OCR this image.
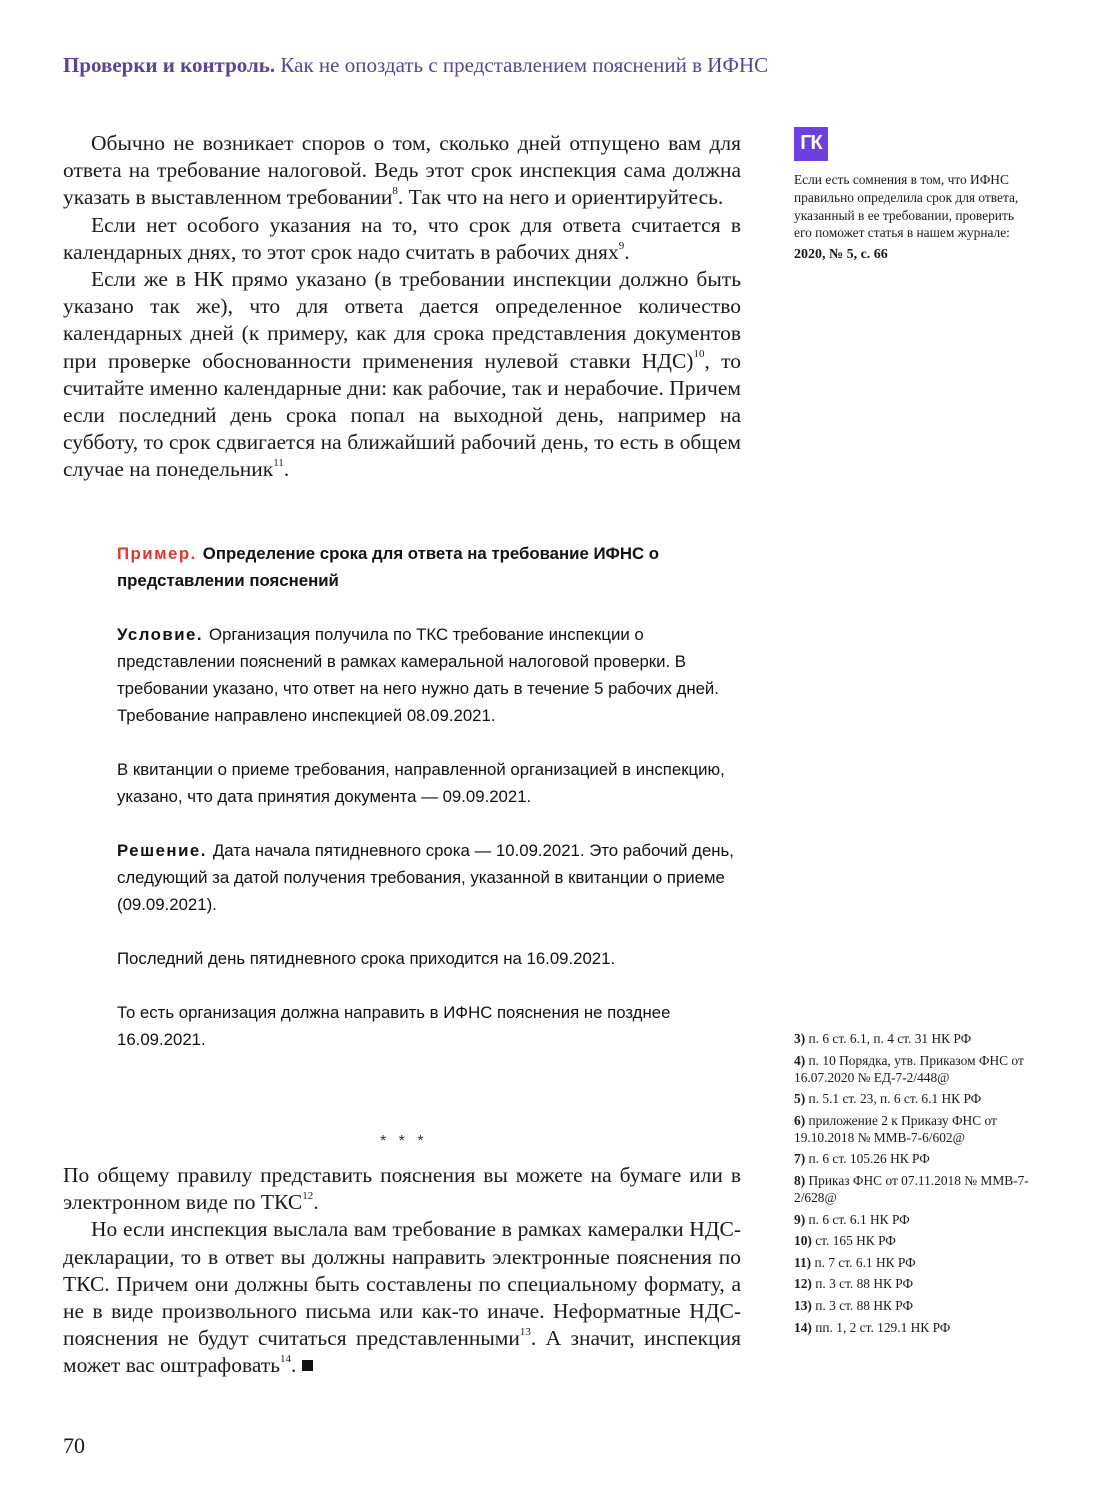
Проверки и контроль. Как не опоздать с представлением пояснений в ИФНС

Обычно не возникает споров о том, сколько дней отпущено вам для ответа на требование налоговой. Ведь этот срок инспекция сама должна указать в выставленном требовании$^8$. Так что на него и ориентируйтесь.

Если нет особого указания на то, что срок для ответа считается в календарных днях, то этот срок надо считать в рабочих днях$^9$.

Если же в НК прямо указано (в требовании инспекции должно быть указано так же), что для ответа дается определенное количество календарных дней (к примеру, как для срока представления документов при проверке обоснованности применения нулевой ставки НДС)$^{10}$, то считайте именно календарные дни: как рабочие, так и нерабочие. Причем если последний день срока попал на выходной день, например на субботу, то срок сдвигается на ближайший рабочий день, то есть в общем случае на понедельник$^{11}$.

Пример. Определение срока для ответа на требование ИФНС о представлении пояснений

Условие. Организация получила по ТКС требование инспекции о представлении пояснений в рамках камеральной налоговой проверки. В требовании указано, что ответ на него нужно дать в течение 5 рабочих дней. Требование направлено инспекцией 08.09.2021.

В квитанции о приеме требования, направленной организацией в инспекцию, указано, что дата принятия документа — 09.09.2021.

Решение. Дата начала пятидневного срока — 10.09.2021. Это рабочий день, следующий за датой получения требования, указанной в квитанции о приеме (09.09.2021).

Последний день пятидневного срока приходится на 16.09.2021.

То есть организация должна направить в ИФНС пояснения не позднее 16.09.2021.

* * *

По общему правилу представить пояснения вы можете на бумаге или в электронном виде по ТКС$^{12}$.

Но если инспекция выслала вам требование в рамках камералки НДС-декларации, то в ответ вы должны направить электронные пояснения по ТКС. Причем они должны быть составлены по специальному формату, а не в виде произвольного письма или как-то иначе. Неформатные НДС-пояснения не будут считаться представленными$^{13}$. А значит, инспекция может вас оштрафовать$^{14}$.

ГК
Если есть сомнения в том, что ИФНС правильно определила срок для ответа, указанный в ее требовании, проверить его поможет статья в нашем журнале:
2020, № 5, с. 66
3) п. 6 ст. 6.1, п. 4 ст. 31 НК РФ
4) п. 10 Порядка, утв. Приказом ФНС от 16.07.2020 № ЕД-7-2/448@
5) п. 5.1 ст. 23, п. 6 ст. 6.1 НК РФ
6) приложение 2 к Приказу ФНС от 19.10.2018 № ММВ-7-6/602@
7) п. 6 ст. 105.26 НК РФ
8) Приказ ФНС от 07.11.2018 № ММВ-7-2/628@
9) п. 6 ст. 6.1 НК РФ
10) ст. 165 НК РФ
11) п. 7 ст. 6.1 НК РФ
12) п. 3 ст. 88 НК РФ
13) п. 3 ст. 88 НК РФ
14) пп. 1, 2 ст. 129.1 НК РФ
70
